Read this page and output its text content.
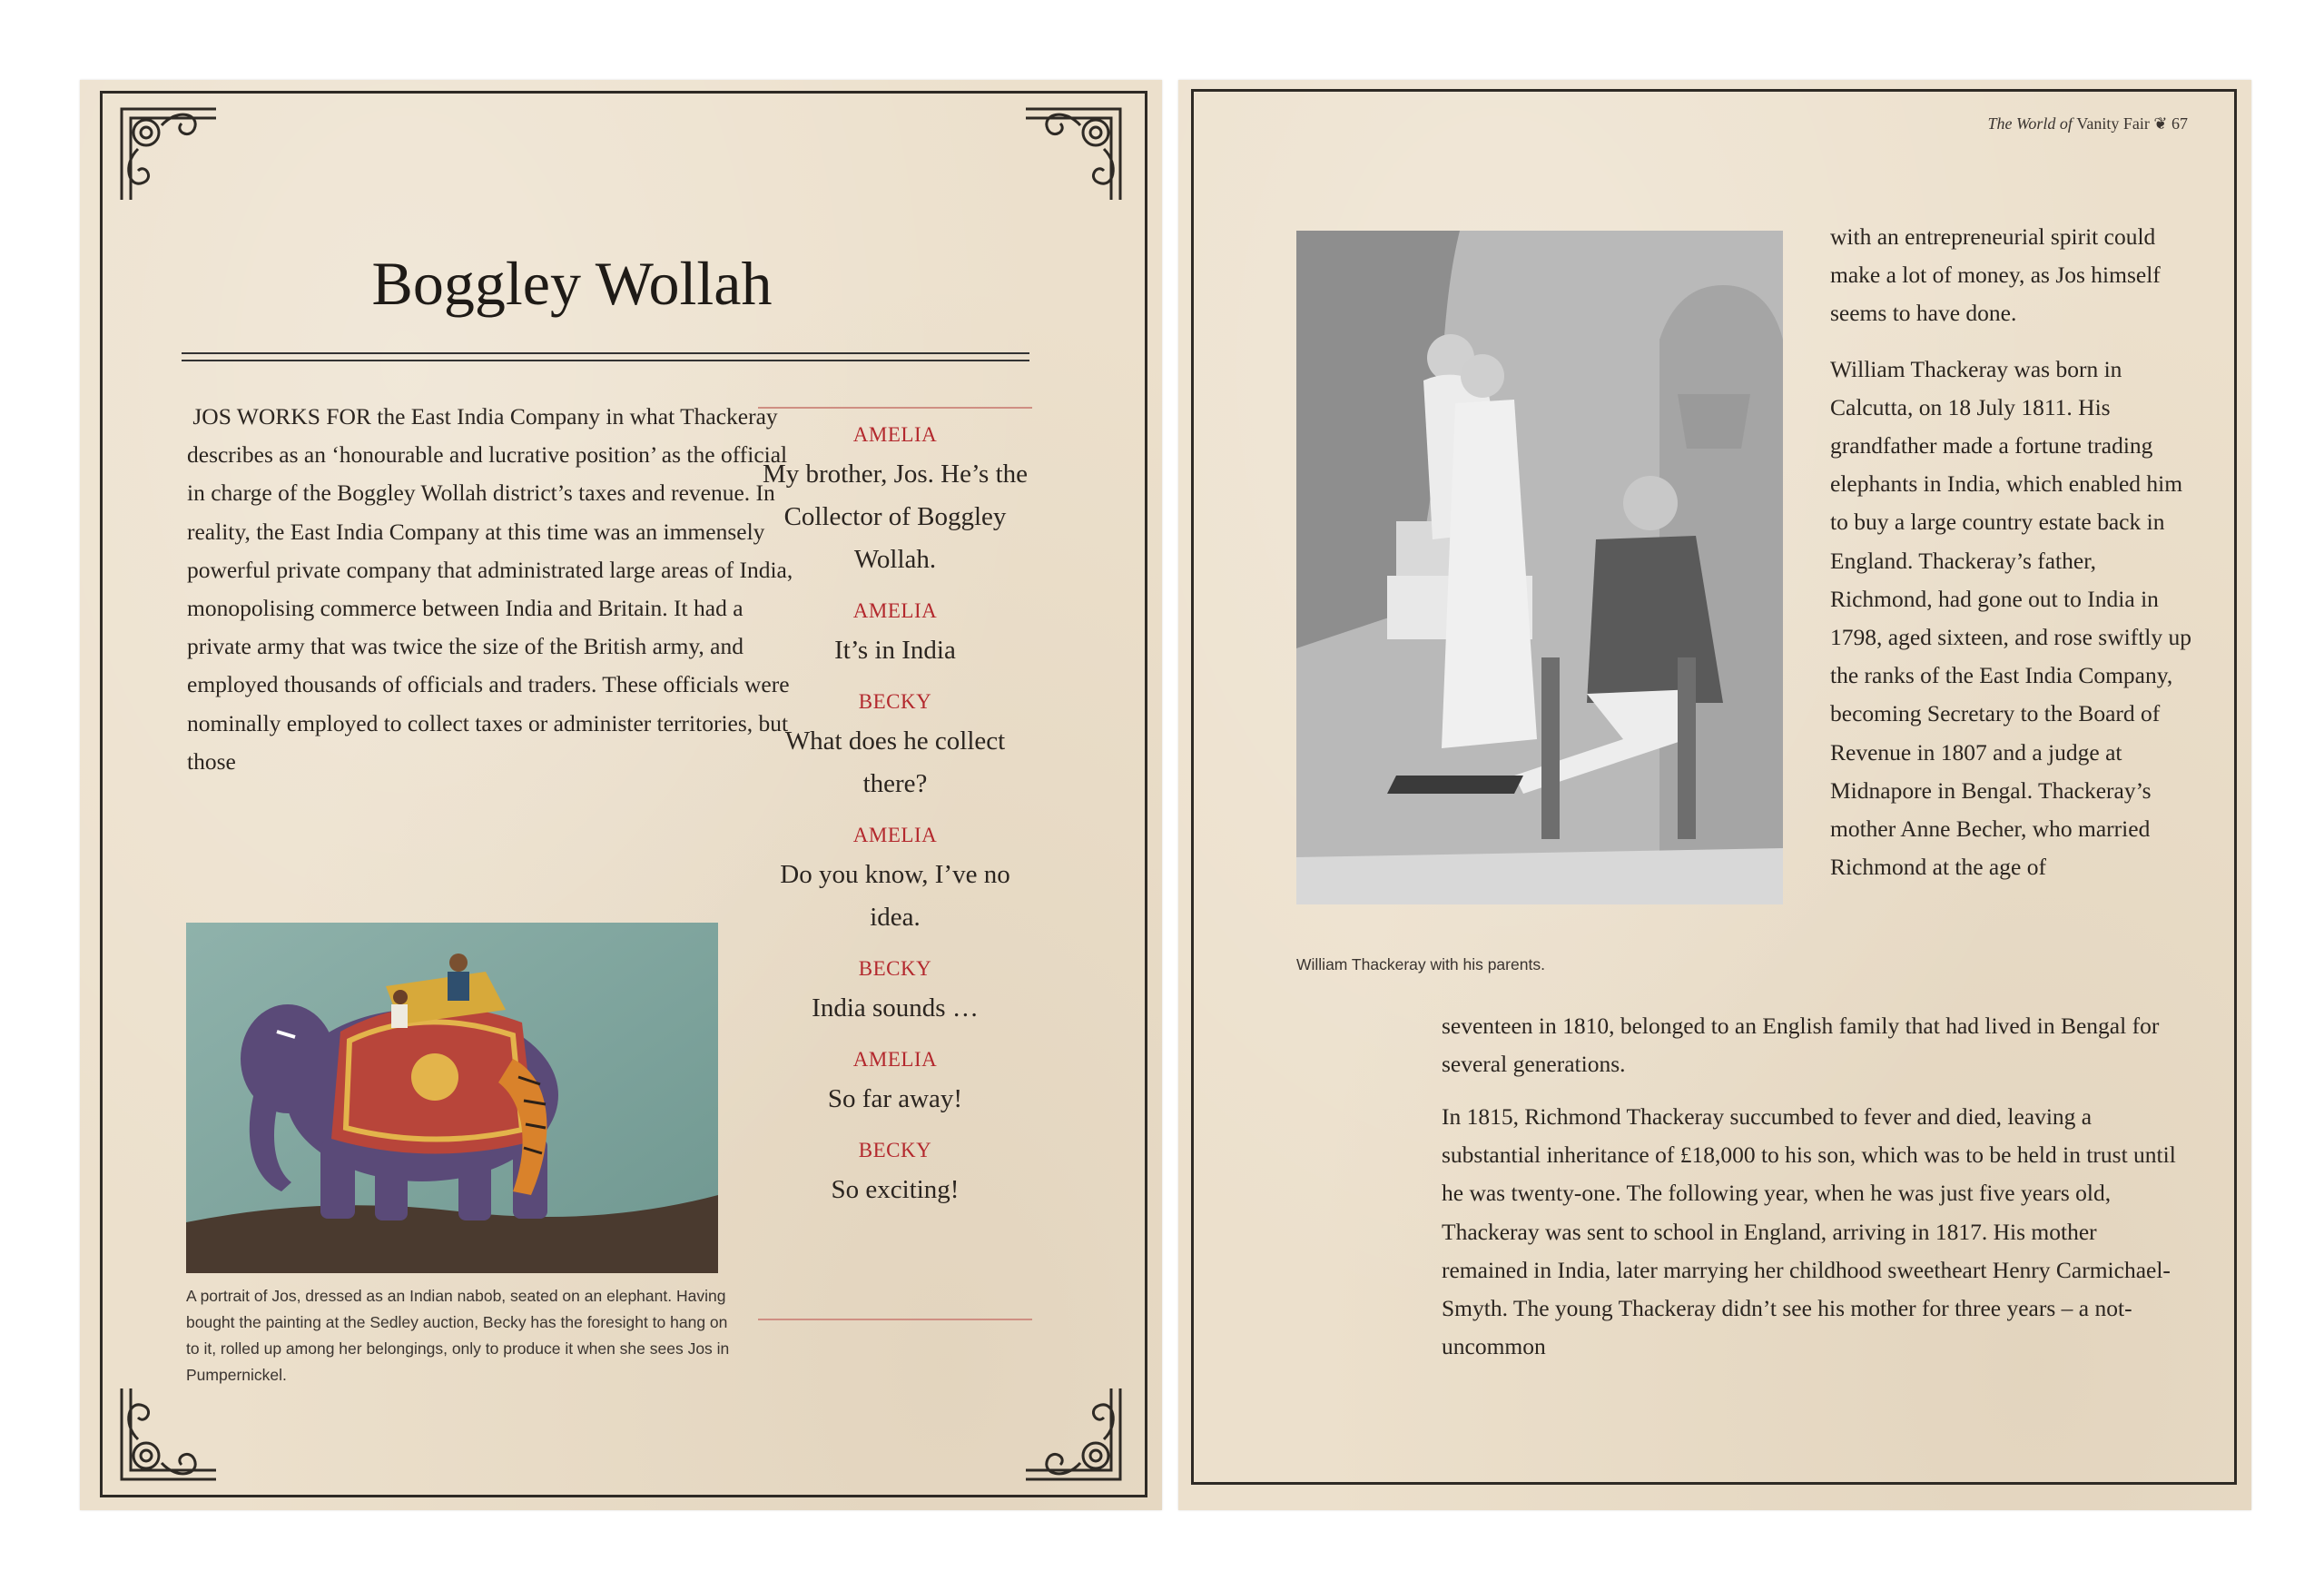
Boggley Wollah
JOS WORKS FOR the East India Company in what Thackeray describes as an ‘honourable and lucrative position’ as the official in charge of the Boggley Wollah district’s taxes and revenue. In reality, the East India Company at this time was an immensely powerful private company that administrated large areas of India, monopolising commerce between India and Britain. It had a private army that was twice the size of the British army, and employed thousands of officials and traders. These officials were nominally employed to collect taxes or administer territories, but those
AMELIA
My brother, Jos. He’s the Collector of Boggley Wollah.
AMELIA
It’s in India
BECKY
What does he collect there?
AMELIA
Do you know, I’ve no idea.
BECKY
India sounds …
AMELIA
So far away!
BECKY
So exciting!
A portrait of Jos, dressed as an Indian nabob, seated on an elephant. Having bought the painting at the Sedley auction, Becky has the foresight to hang on to it, rolled up among her belongings, only to produce it when she sees Jos in Pumpernickel.
The World of Vanity Fair ❦ 67
William Thackeray with his parents.
with an entrepreneurial spirit could make a lot of money, as Jos himself seems to have done.
William Thackeray was born in Calcutta, on 18 July 1811. His grandfather made a fortune trading elephants in India, which enabled him to buy a large country estate back in England. Thackeray’s father, Richmond, had gone out to India in 1798, aged sixteen, and rose swiftly up the ranks of the East India Company, becoming Secretary to the Board of Revenue in 1807 and a judge at Midnapore in Bengal. Thackeray’s mother Anne Becher, who married Richmond at the age of
seventeen in 1810, belonged to an English family that had lived in Bengal for several generations.
In 1815, Richmond Thackeray succumbed to fever and died, leaving a substantial inheritance of £18,000 to his son, which was to be held in trust until he was twenty-one. The following year, when he was just five years old, Thackeray was sent to school in England, arriving in 1817. His mother remained in India, later marrying her childhood sweetheart Henry Carmichael-Smyth. The young Thackeray didn’t see his mother for three years – a not-uncommon
